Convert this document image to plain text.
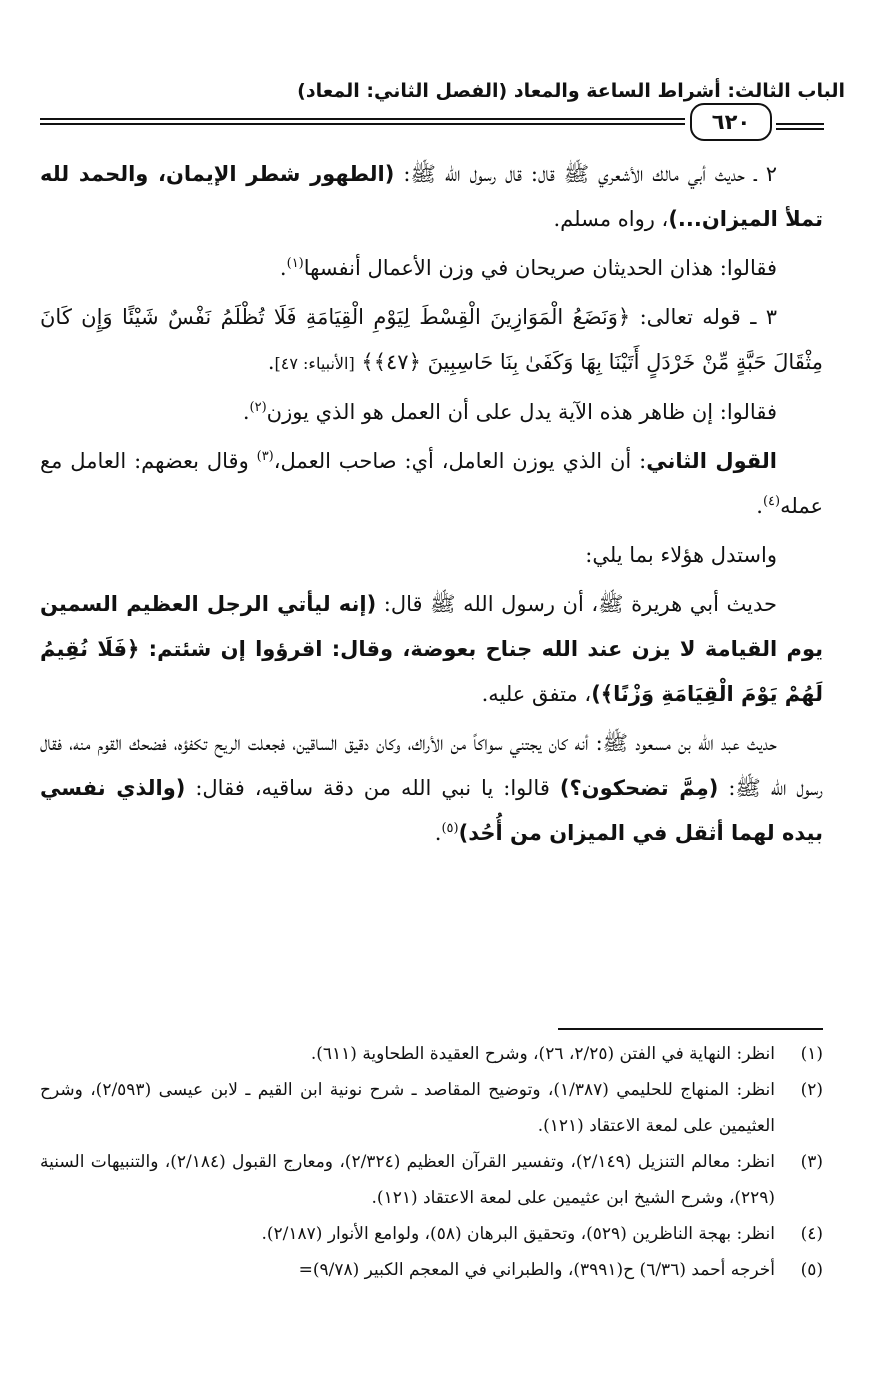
الباب الثالث: أشراط الساعة والمعاد (الفصل الثاني: المعاد)
٦٢٠

٢ ـ حديث أبي مالك الأشعري ﷺ قال: قال رسول الله ﷺ: (الطهور شطر الإيمان، والحمد لله تملأ الميزان...)، رواه مسلم.

فقالوا: هذان الحديثان صريحان في وزن الأعمال أنفسها$^{(١)}$.

٣ ـ قوله تعالى: ﴿وَنَضَعُ الْمَوَازِينَ الْقِسْطَ لِيَوْمِ الْقِيَامَةِ فَلَا تُظْلَمُ نَفْسٌ شَيْئًا وَإِن كَانَ مِثْقَالَ حَبَّةٍ مِّنْ خَرْدَلٍ أَتَيْنَا بِهَا وَكَفَىٰ بِنَا حَاسِبِينَ ﴿٤٧﴾﴾ [الأنبياء: ٤٧].

فقالوا: إن ظاهر هذه الآية يدل على أن العمل هو الذي يوزن$^{(٢)}$.

القول الثاني: أن الذي يوزن العامل، أي: صاحب العمل،$^{(٣)}$ وقال بعضهم: العامل مع عمله$^{(٤)}$.

واستدل هؤلاء بما يلي:

حديث أبي هريرة ﷺ، أن رسول الله ﷺ قال: (إنه ليأتي الرجل العظيم السمين يوم القيامة لا يزن عند الله جناح بعوضة، وقال: اقرؤوا إن شئتم: ﴿فَلَا نُقِيمُ لَهُمْ يَوْمَ الْقِيَامَةِ وَزْنًا﴾)، متفق عليه.

حديث عبد الله بن مسعود ﷺ: أنه كان يجتني سواكاً من الأراك، وكان دقيق الساقين، فجعلت الريح تكفؤه، فضحك القوم منه، فقال رسول الله ﷺ: (مِمَّ تضحكون؟) قالوا: يا نبي الله من دقة ساقيه، فقال: (والذي نفسي بيده لهما أثقل في الميزان من أُحُد)$^{(٥)}$.

(١)
انظر: النهاية في الفتن (٢/٢٥، ٢٦)، وشرح العقيدة الطحاوية (٦١١).
(٢)
انظر: المنهاج للحليمي (١/٣٨٧)، وتوضيح المقاصد ـ شرح نونية ابن القيم ـ لابن عيسى (٢/٥٩٣)، وشرح العثيمين على لمعة الاعتقاد (١٢١).
(٣)
انظر: معالم التنزيل (٢/١٤٩)، وتفسير القرآن العظيم (٢/٣٢٤)، ومعارج القبول (٢/١٨٤)، والتنبيهات السنية (٢٢٩)، وشرح الشيخ ابن عثيمين على لمعة الاعتقاد (١٢١).
(٤)
انظر: بهجة الناظرين (٥٢٩)، وتحقيق البرهان (٥٨)، ولوامع الأنوار (٢/١٨٧).
(٥)
أخرجه أحمد (٦/٣٦) ح(٣٩٩١)، والطبراني في المعجم الكبير (٩/٧٨)=
